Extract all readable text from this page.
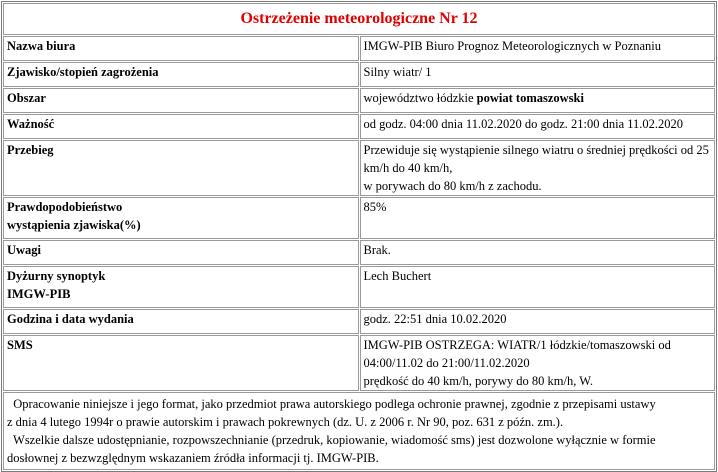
Ostrzeżenie meteorologiczne Nr 12	
Nazwa biura	IMGW-PIB Biuro Prognoz Meteorologicznych w Poznaniu
Zjawisko/stopień zagrożenia	Silny wiatr/ 1
Obszar	województwo łódzkie powiat tomaszowski
Ważność	od godz. 04:00 dnia 11.02.2020 do godz. 21:00 dnia 11.02.2020
Przebieg	Przewiduje się wystąpienie silnego wiatru o średniej prędkości od 25 km/h do 40 km/h,
w porywach do 80 km/h z zachodu.

Prawdopodobieństwo
wystąpienia zjawiska(%)	85%
Uwagi	Brak.

Dyżurny synoptyk
IMGW-PIB	Lech Buchert
Godzina i data wydania	godz. 22:51 dnia 10.02.2020
SMS	IMGW-PIB OSTRZEGA: WIATR/1 łódzkie/tomaszowski od 04:00/11.02 do 21:00/11.02.2020
prędkość do 40 km/h, porywy do 80 km/h, W.

Opracowanie niniejsze i jego format, jako przedmiot prawa autorskiego podlega ochronie prawnej, zgodnie z przepisami ustawy
z dnia 4 lutego 1994r o prawie autorskim i prawach pokrewnych (dz. U. z 2006 r. Nr 90, poz. 631 z późn. zm.).
Wszelkie dalsze udostępnianie, rozpowszechnianie (przedruk, kopiowanie, wiadomość sms) jest dozwolone wyłącznie w formie
dosłownej z bezwzględnym wskazaniem źródła informacji tj. IMGW-PIB.	
